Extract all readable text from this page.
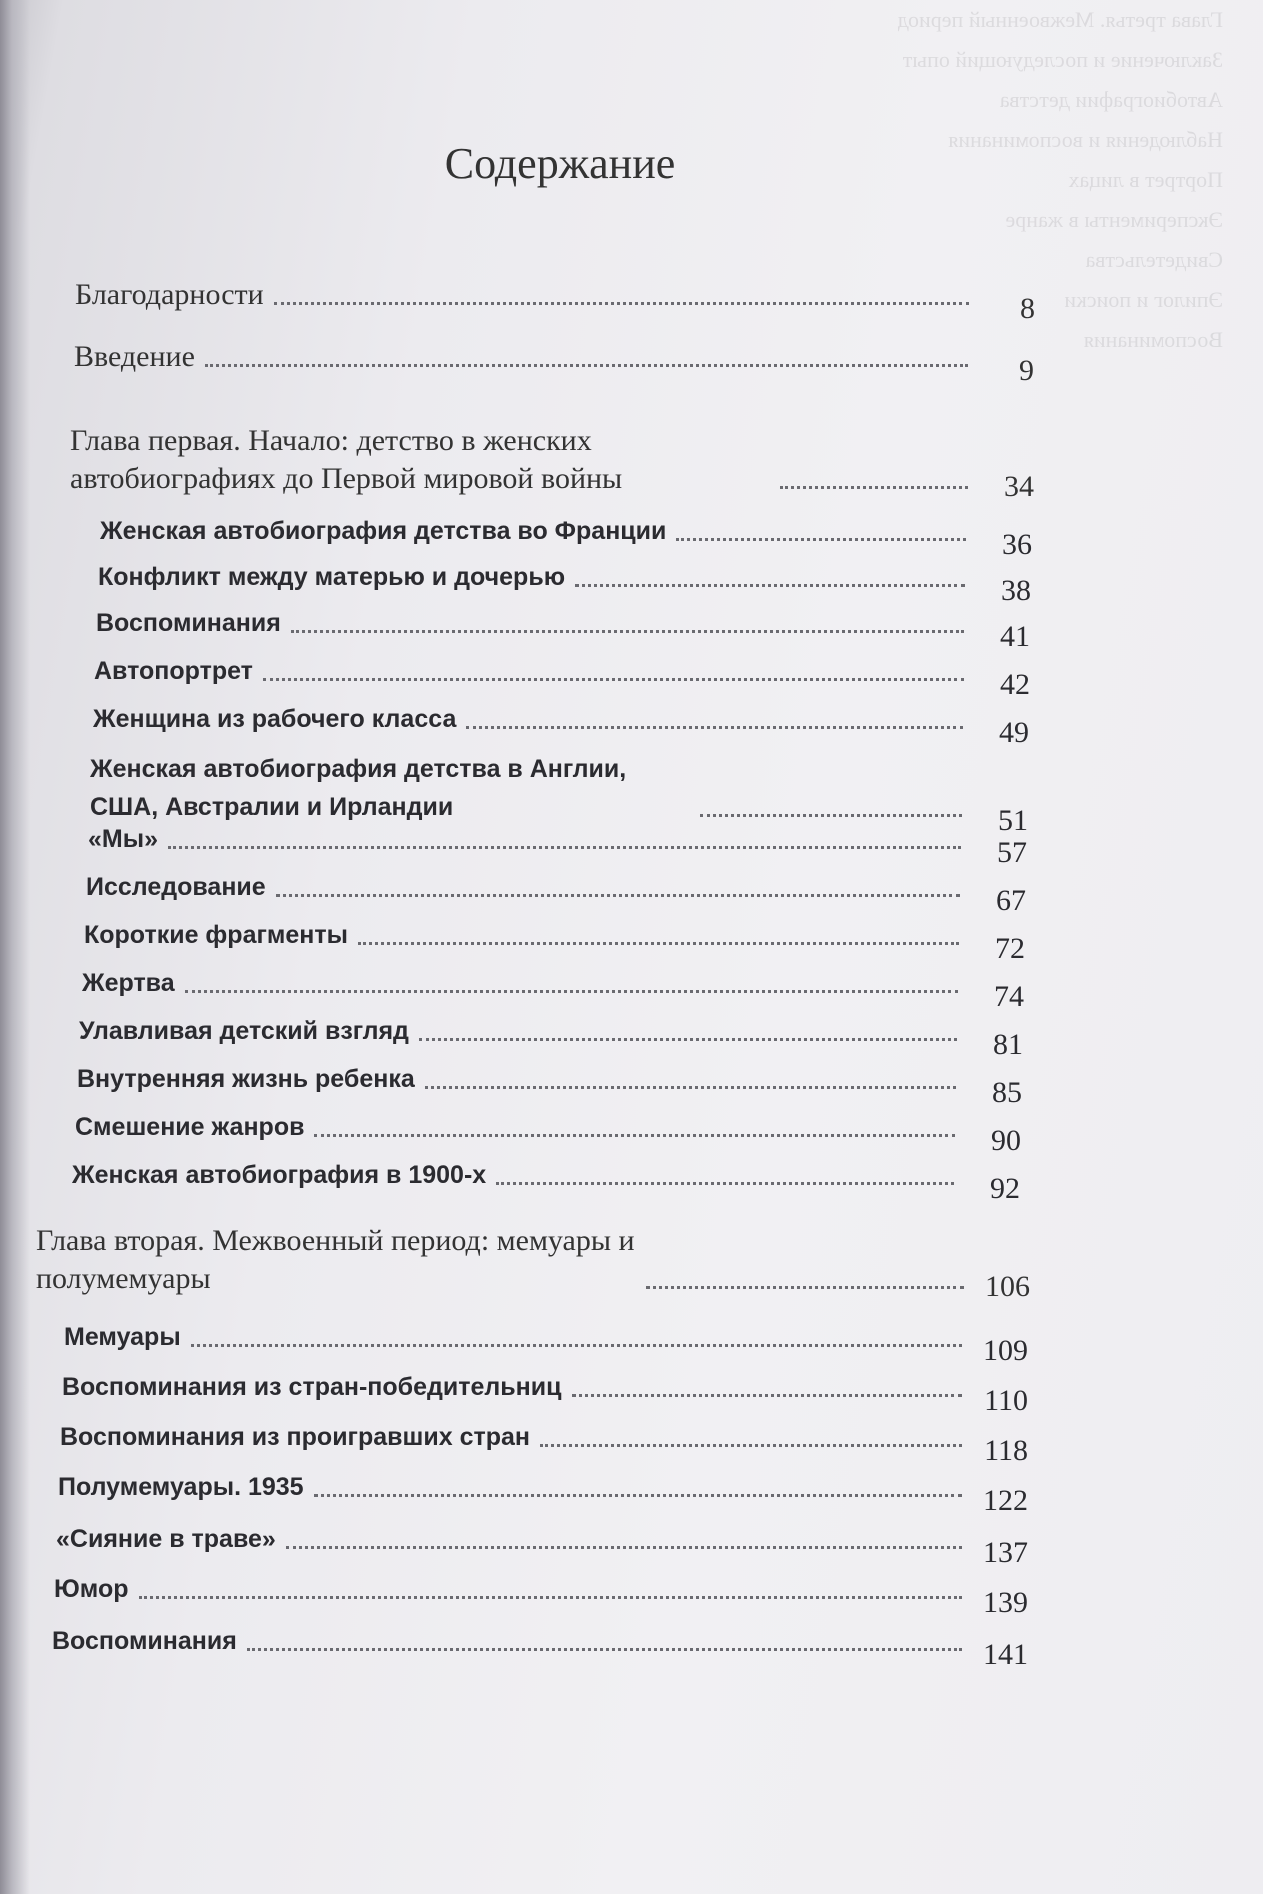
Глава третья. Межвоенный период
Заключение и последующий опыт
Автобиографии детства
Наблюдения и воспоминания
Портрет в лицах
Эксперименты в жанре
Свидетельства
Эпилог и поиски
Воспоминания
Содержание
Благодарности	8
Введение	9
Глава первая. Начало: детство в женских автобиографиях до Первой мировой войны	34
Женская автобиография детства во Франции	36
Конфликт между матерью и дочерью	38
Воспоминания	41
Автопортрет	42
Женщина из рабочего класса	49
Женская автобиография детства в Англии, США, Австралии и Ирландии	51
«Мы»	57
Исследование	67
Короткие фрагменты	72
Жертва	74
Улавливая детский взгляд	81
Внутренняя жизнь ребенка	85
Смешение жанров	90
Женская автобиография в 1900-х	92
Глава вторая. Межвоенный период: мемуары и полумемуары	106
Мемуары	109
Воспоминания из стран-победительниц	110
Воспоминания из проигравших стран	118
Полумемуары. 1935	122
«Сияние в траве»	137
Юмор	139
Воспоминания	141
